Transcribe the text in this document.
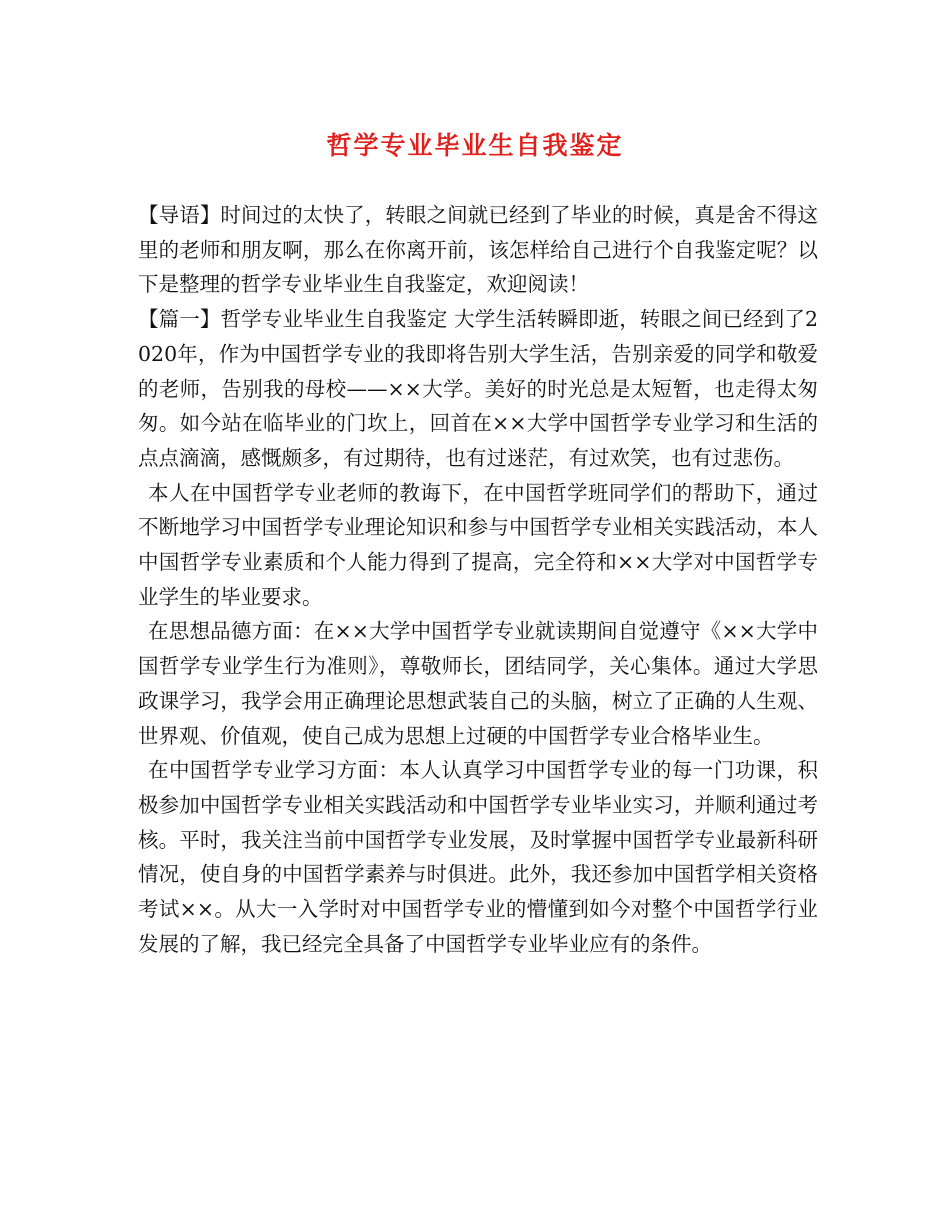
哲学专业毕业生自我鉴定

【导语】时间过的太快了，转眼之间就已经到了毕业的时候，真是舍不得这里的老师和朋友啊，那么在你离开前，该怎样给自己进行个自我鉴定呢？以下是整理的哲学专业毕业生自我鉴定，欢迎阅读！

【篇一】哲学专业毕业生自我鉴定 大学生活转瞬即逝，转眼之间已经到了2020年，作为中国哲学专业的我即将告别大学生活，告别亲爱的同学和敬爱的老师，告别我的母校——××大学。美好的时光总是太短暂，也走得太匆匆。如今站在临毕业的门坎上，回首在××大学中国哲学专业学习和生活的点点滴滴，感慨颇多，有过期待，也有过迷茫，有过欢笑，也有过悲伤。

本人在中国哲学专业老师的教诲下，在中国哲学班同学们的帮助下，通过不断地学习中国哲学专业理论知识和参与中国哲学专业相关实践活动，本人中国哲学专业素质和个人能力得到了提高，完全符和××大学对中国哲学专业学生的毕业要求。

在思想品德方面：在××大学中国哲学专业就读期间自觉遵守《××大学中国哲学专业学生行为准则》，尊敬师长，团结同学，关心集体。通过大学思政课学习，我学会用正确理论思想武装自己的头脑，树立了正确的人生观、世界观、价值观，使自己成为思想上过硬的中国哲学专业合格毕业生。

在中国哲学专业学习方面：本人认真学习中国哲学专业的每一门功课，积极参加中国哲学专业相关实践活动和中国哲学专业毕业实习，并顺利通过考核。平时，我关注当前中国哲学专业发展，及时掌握中国哲学专业最新科研情况，使自身的中国哲学素养与时俱进。此外，我还参加中国哲学相关资格考试××。从大一入学时对中国哲学专业的懵懂到如今对整个中国哲学行业发展的了解，我已经完全具备了中国哲学专业毕业应有的条件。
